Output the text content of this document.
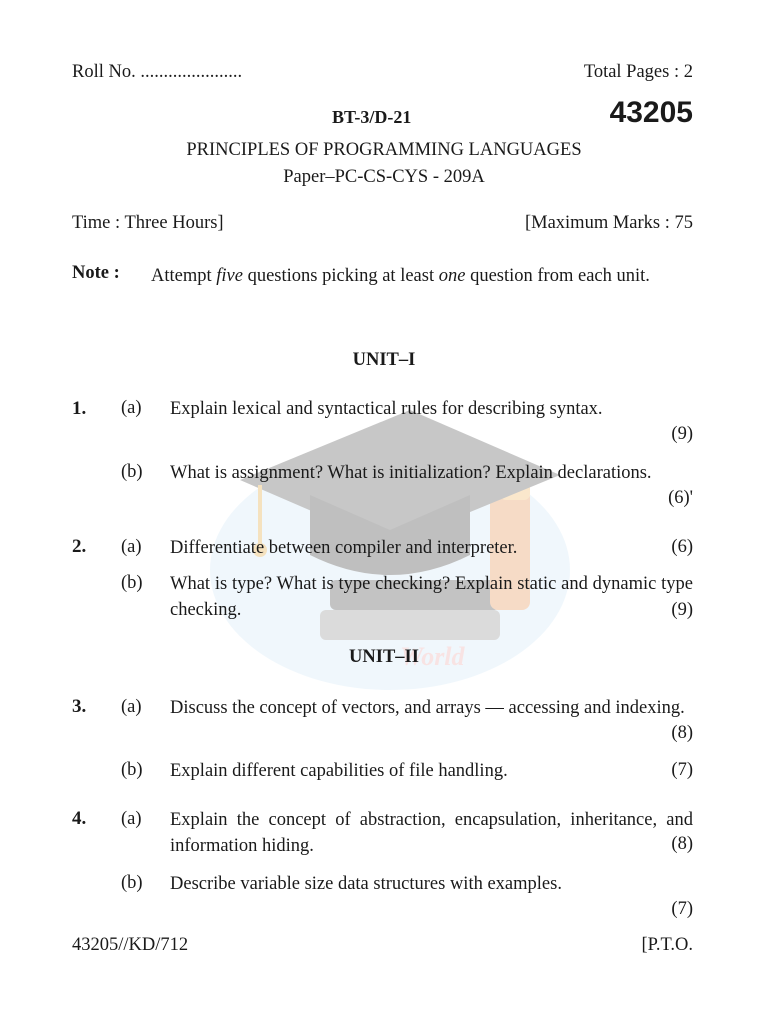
World
Roll No. ......................	Total Pages : 2
BT-3/D-21	43205
PRINCIPLES OF PROGRAMMING LANGUAGES
Paper–PC-CS-CYS - 209A
Time : Three Hours]	[Maximum Marks : 75
Note : Attempt five questions picking at least one question from each unit.
UNIT–I
1. (a) Explain lexical and syntactical rules for describing syntax.
(9)
(b) What is assignment? What is initialization? Explain declarations.
(6)'
2. (a) Differentiate between compiler and interpreter.	(6)
(b) What is type? What is type checking? Explain static and dynamic type checking.	(9)
UNIT–II
3. (a) Discuss the concept of vectors, and arrays — accessing and indexing.
(8)
(b) Explain different capabilities of file handling.	(7)
4. (a) Explain the concept of abstraction, encapsulation, inheritance, and information hiding.	(8)
(b) Describe variable size data structures with examples.
(7)
43205//KD/712	[P.T.O.
